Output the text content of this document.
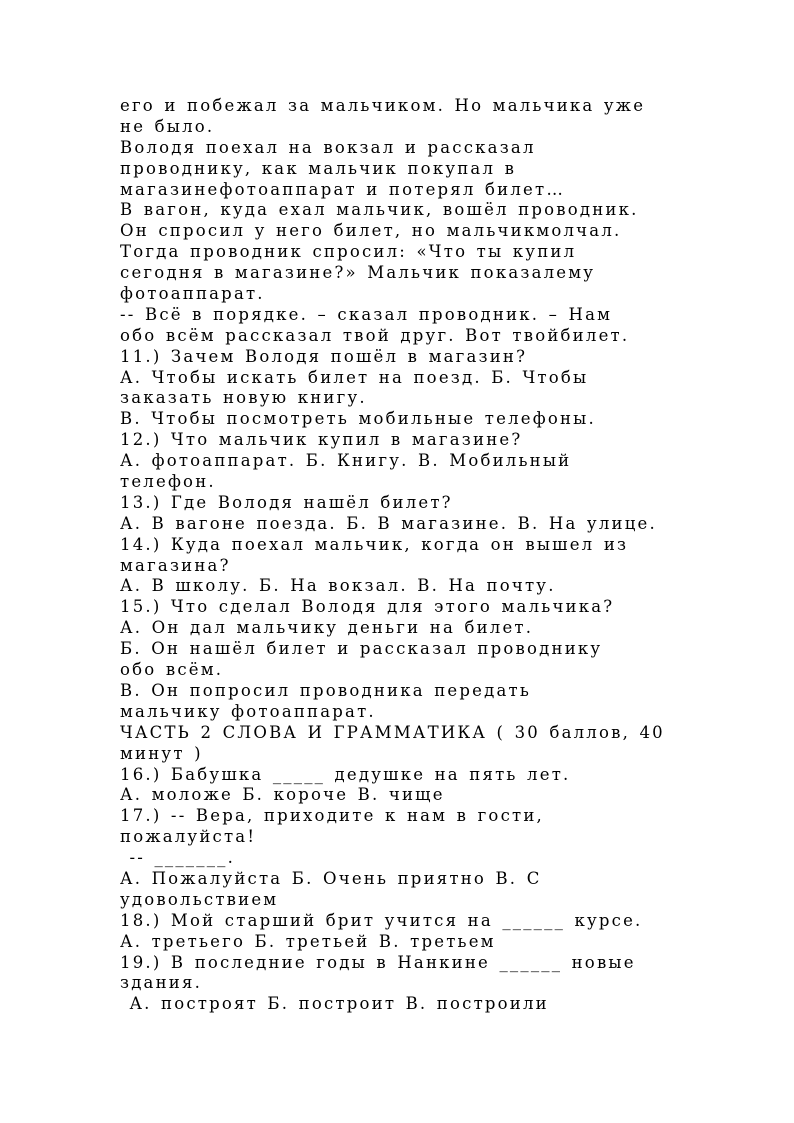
его и побежал за мальчиком. Но мальчика уже
не было.
Володя поехал на вокзал и рассказал
проводнику, как мальчик покупал в
магазинефотоаппарат и потерял билет…
В вагон, куда ехал мальчик, вошёл проводник.
Он спросил у него билет, но мальчикмолчал.
Тогда проводник спросил: «Что ты купил
сегодня в магазине?» Мальчик показалему
фотоаппарат.
-- Всё в порядке. – сказал проводник. – Нам
обо всём рассказал твой друг. Вот твойбилет.
11.) Зачем Володя пошёл в магазин?
А. Чтобы искать билет на поезд. Б. Чтобы
заказать новую книгу.
В. Чтобы посмотреть мобильные телефоны.
12.) Что мальчик купил в магазине?
А. фотоаппарат. Б. Книгу. В. Мобильный
телефон.
13.) Где Володя нашёл билет?
А. В вагоне поезда. Б. В магазине. В. На улице.
14.) Куда поехал мальчик, когда он вышел из
магазина?
А. В школу. Б. На вокзал. В. На почту.
15.) Что сделал Володя для этого мальчика?
А. Он дал мальчику деньги на билет.
Б. Он нашёл билет и рассказал проводнику
обо всём.
В. Он попросил проводника передать
мальчику фотоаппарат.
ЧАСТЬ 2 СЛОВА И ГРАММАТИКА ( 30 баллов, 40
минут )
16.) Бабушка _____ дедушке на пять лет.
А. моложе Б. короче В. чище
17.) -- Вера, приходите к нам в гости,
пожалуйста!
-- _______.
А. Пожалуйста Б. Очень приятно В. С
удовольствием
18.) Мой старший брит учится на ______ курсе.
А. третьего Б. третьей В. третьем
19.) В последние годы в Нанкине ______ новые
здания.
А. построят Б. построит В. построили
